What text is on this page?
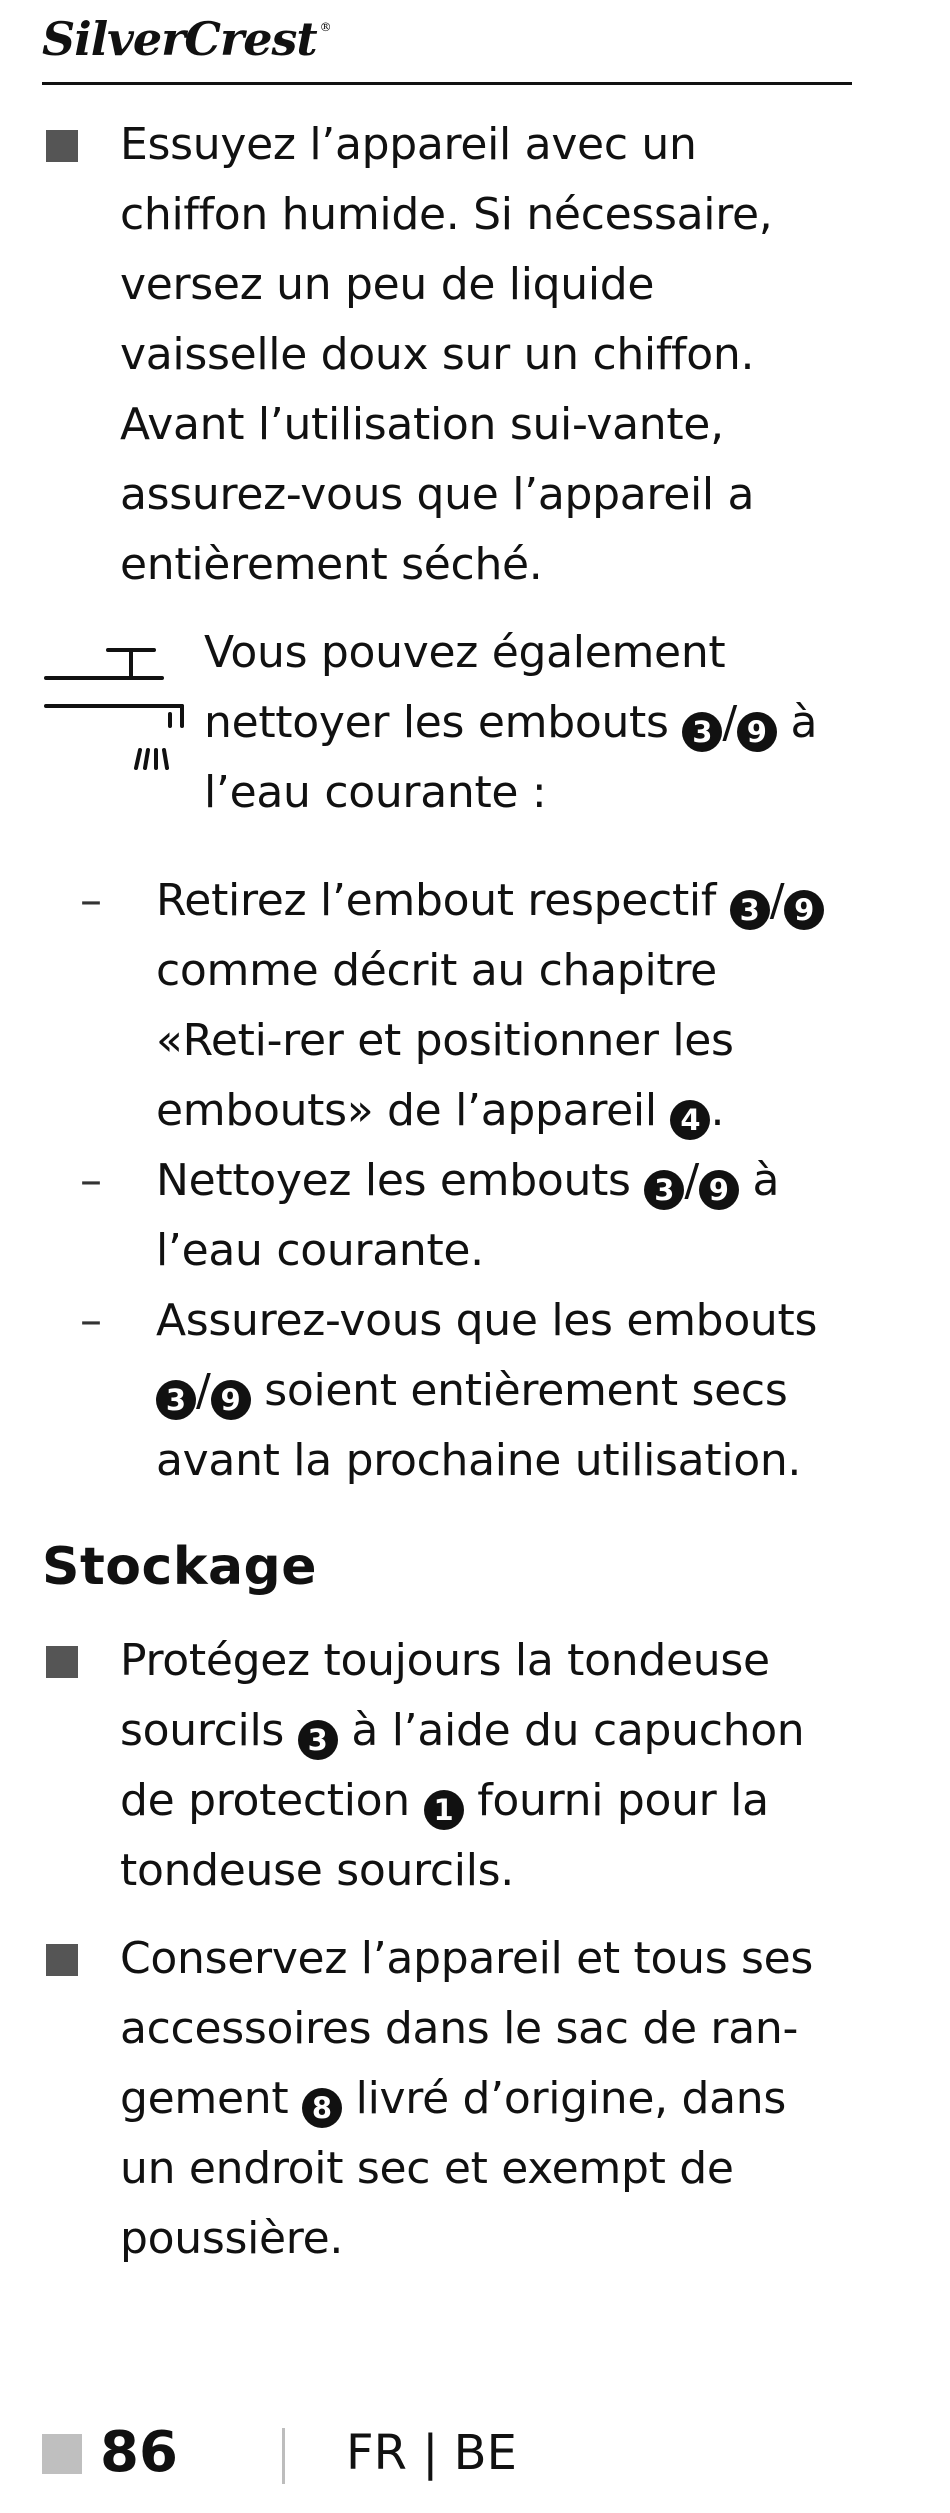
SilverCrest ®

Essuyez l’appareil avec un chiffon humide. Si nécessaire, versez un peu de liquide vaisselle doux sur un chiffon. Avant l’utilisation sui-vante, assurez-vous que l’appareil a entièrement séché.

Vous pouvez également nettoyer les embouts 3 / 9 à l’eau courante :

–	Retirez l’embout respectif 3 / 9 comme décrit au chapitre «Reti-rer et positionner les embouts» de l’appareil 4 .

–	Nettoyez les embouts 3 / 9 à l’eau courante.

–	Assurez-vous que les embouts 3 / 9 soient entièrement secs avant la prochaine utilisation.

Stockage

Protégez toujours la tondeuse sourcils 3 à l’aide du capuchon de protection 1 fourni pour la tondeuse sourcils.

Conservez l’appareil et tous ses accessoires dans le sac de ran-gement 8 livré d’origine, dans un endroit sec et exempt de poussière.

86	FR | BE
